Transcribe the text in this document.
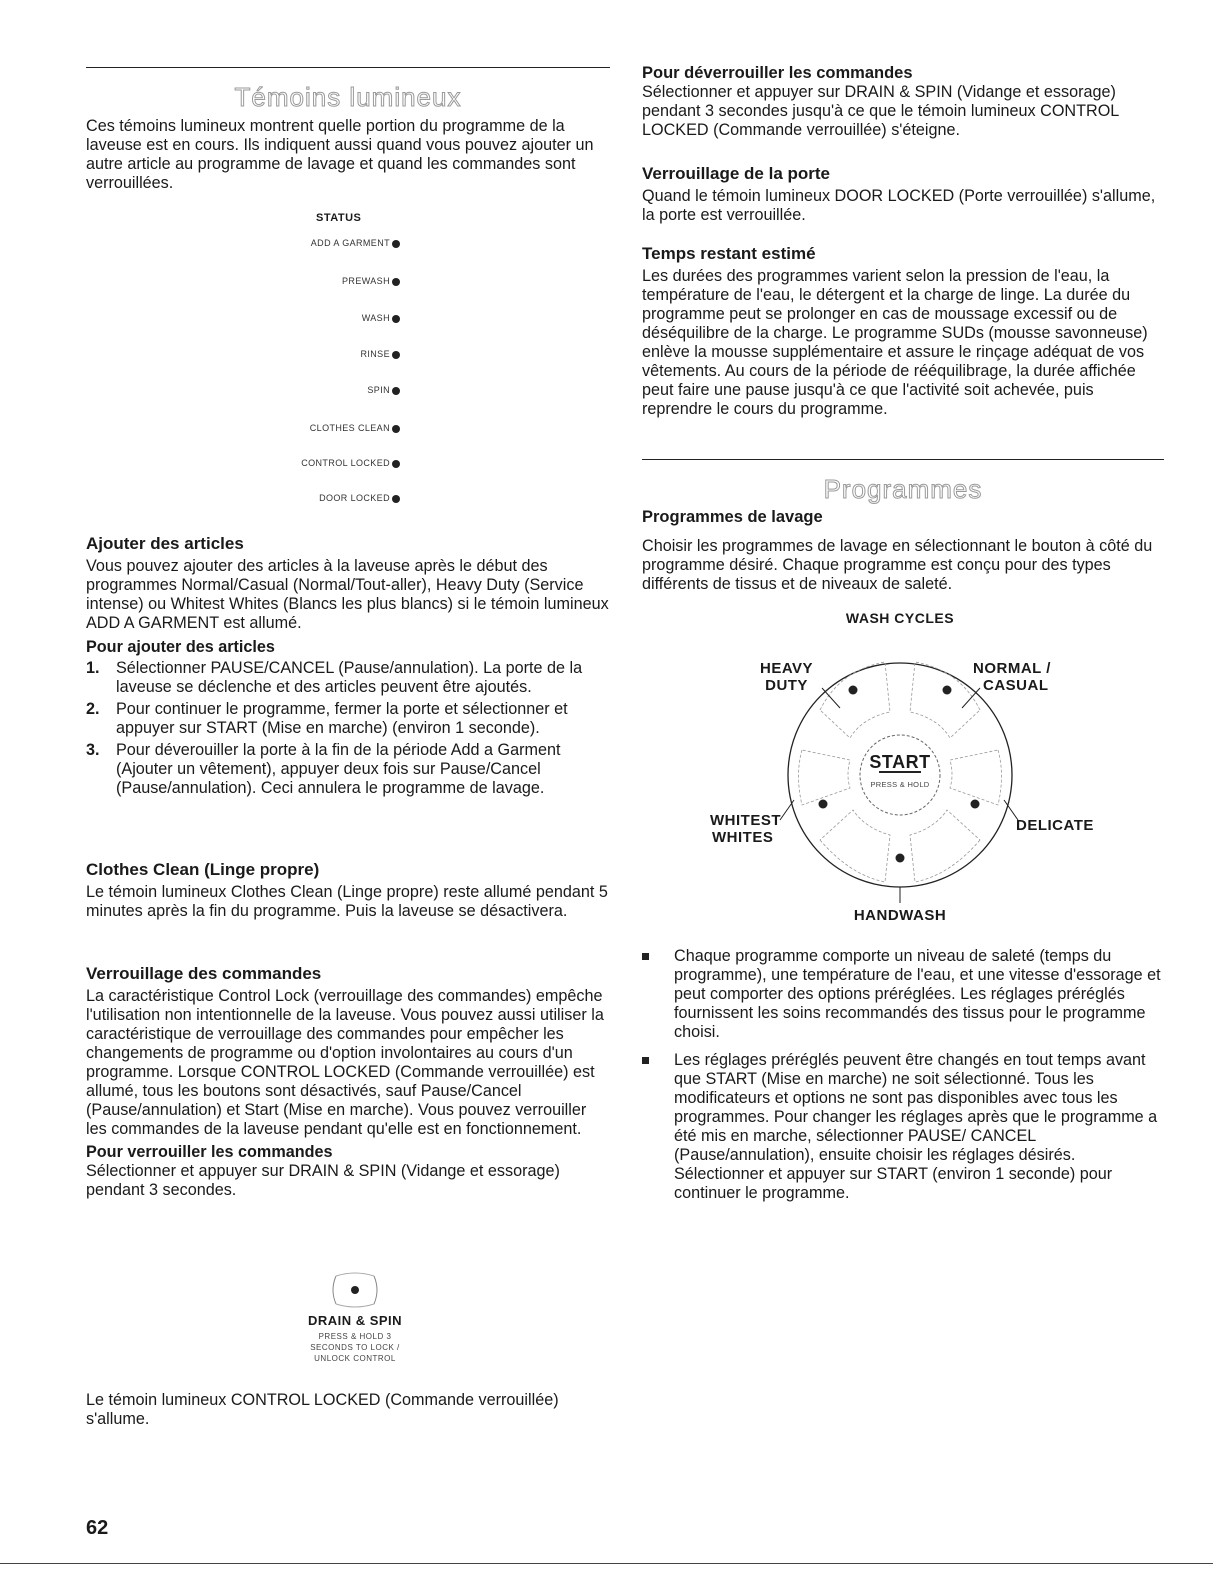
Témoins lumineux

Ces témoins lumineux montrent quelle portion du programme de la laveuse est en cours. Ils indiquent aussi quand vous pouvez ajouter un autre article au programme de lavage et quand les commandes sont verrouillées.

STATUS
ADD A GARMENT
PREWASH
WASH
RINSE
SPIN
CLOTHES CLEAN
CONTROL LOCKED
DOOR LOCKED
Ajouter des articles

Vous pouvez ajouter des articles à la laveuse après le début des programmes Normal/Casual (Normal/Tout-aller), Heavy Duty (Service intense) ou Whitest Whites (Blancs les plus blancs) si le témoin lumineux ADD A GARMENT est allumé.

Pour ajouter des articles
1. Sélectionner PAUSE/CANCEL (Pause/annulation). La porte de la laveuse se déclenche et des articles peuvent être ajoutés.
2. Pour continuer le programme, fermer la porte et sélectionner et appuyer sur START (Mise en marche) (environ 1 seconde).
3. Pour déverouiller la porte à la fin de la période Add a Garment (Ajouter un vêtement), appuyer deux fois sur Pause/Cancel (Pause/annulation). Ceci annulera le programme de lavage.
Clothes Clean (Linge propre)

Le témoin lumineux Clothes Clean (Linge propre) reste allumé pendant 5 minutes après la fin du programme. Puis la laveuse se désactivera.

Verrouillage des commandes

La caractéristique Control Lock (verrouillage des commandes) empêche l'utilisation non intentionnelle de la laveuse. Vous pouvez aussi utiliser la caractéristique de verrouillage des commandes pour empêcher les changements de programme ou d'option involontaires au cours d'un programme. Lorsque CONTROL LOCKED (Commande verrouillée) est allumé, tous les boutons sont désactivés, sauf Pause/Cancel (Pause/annulation) et Start (Mise en marche). Vous pouvez verrouiller les commandes de la laveuse pendant qu'elle est en fonctionnement.

Pour verrouiller les commandes

Sélectionner et appuyer sur DRAIN & SPIN (Vidange et essorage) pendant 3 secondes.

DRAIN & SPIN
PRESS & HOLD 3
SECONDS TO LOCK /
UNLOCK CONTROL

Le témoin lumineux CONTROL LOCKED (Commande verrouillée) s'allume.

62
Pour déverrouiller les commandes

Sélectionner et appuyer sur DRAIN & SPIN (Vidange et essorage) pendant 3 secondes jusqu'à ce que le témoin lumineux CONTROL LOCKED (Commande verrouillée) s'éteigne.

Verrouillage de la porte

Quand le témoin lumineux DOOR LOCKED (Porte verrouillée) s'allume, la porte est verrouillée.

Temps restant estimé

Les durées des programmes varient selon la pression de l'eau, la température de l'eau, le détergent et la charge de linge. La durée du programme peut se prolonger en cas de moussage excessif ou de déséquilibre de la charge. Le programme SUDs (mousse savonneuse) enlève la mousse supplémentaire et assure le rinçage adéquat de vos vêtements. Au cours de la période de rééquilibrage, la durée affichée peut faire une pause jusqu'à ce que l'activité soit achevée, puis reprendre le cours du programme.

Programmes
Programmes de lavage

Choisir les programmes de lavage en sélectionnant le bouton à côté du programme désiré. Chaque programme est conçu pour des types différents de tissus et de niveaux de saleté.

WASH CYCLES
HEAVY
DUTY
NORMAL /
CASUAL
WHITEST
WHITES
DELICATE
HANDWASH
START
PRESS & HOLD
Chaque programme comporte un niveau de saleté (temps du programme), une température de l'eau, et une vitesse d'essorage et peut comporter des options préréglées. Les réglages préréglés fournissent les soins recommandés des tissus pour le programme choisi.
Les réglages préréglés peuvent être changés en tout temps avant que START (Mise en marche) ne soit sélectionné. Tous les modificateurs et options ne sont pas disponibles avec tous les programmes. Pour changer les réglages après que le programme a été mis en marche, sélectionner PAUSE/ CANCEL (Pause/annulation), ensuite choisir les réglages désirés. Sélectionner et appuyer sur START (environ 1 seconde) pour continuer le programme.
